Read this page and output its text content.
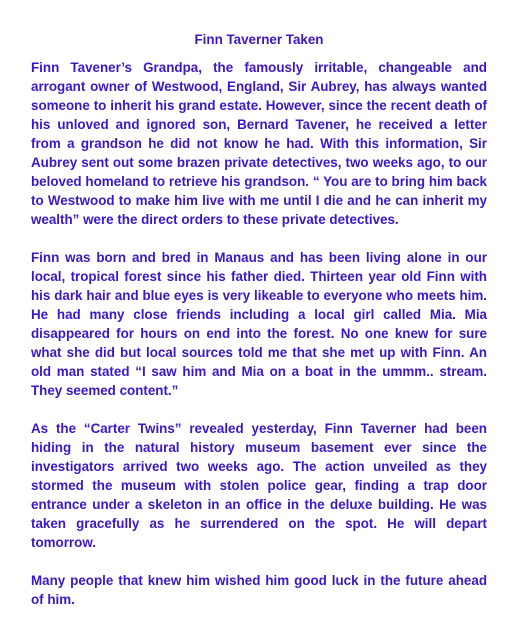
Finn Taverner Taken

Finn Tavener’s Grandpa, the famously irritable, changeable and arrogant owner of Westwood, England, Sir Aubrey, has always wanted someone to inherit his grand estate. However, since the recent death of his unloved and ignored son, Bernard Tavener, he received a letter from a grandson he did not know he had. With this information, Sir Aubrey sent out some brazen private detectives, two weeks ago, to our beloved homeland to retrieve his grandson. “ You are to bring him back to Westwood to make him live with me until I die and he can inherit my wealth” were the direct orders to these private detectives.

Finn was born and bred in Manaus and has been living alone in our local, tropical forest since his father died. Thirteen year old Finn with his dark hair and blue eyes is very likeable to everyone who meets him. He had many close friends including a local girl called Mia. Mia disappeared for hours on end into the forest. No one knew for sure what she did but local sources told me that she met up with Finn. An old man stated “I saw him and Mia on a boat in the ummm.. stream. They seemed content.”

As the “Carter Twins” revealed yesterday, Finn Taverner had been hiding in the natural history museum basement ever since the investigators arrived two weeks ago. The action unveiled as they stormed the museum with stolen police gear, finding a trap door entrance under a skeleton in an office in the deluxe building. He was taken gracefully as he surrendered on the spot. He will depart tomorrow.

Many people that knew him wished him good luck in the future ahead of him.
